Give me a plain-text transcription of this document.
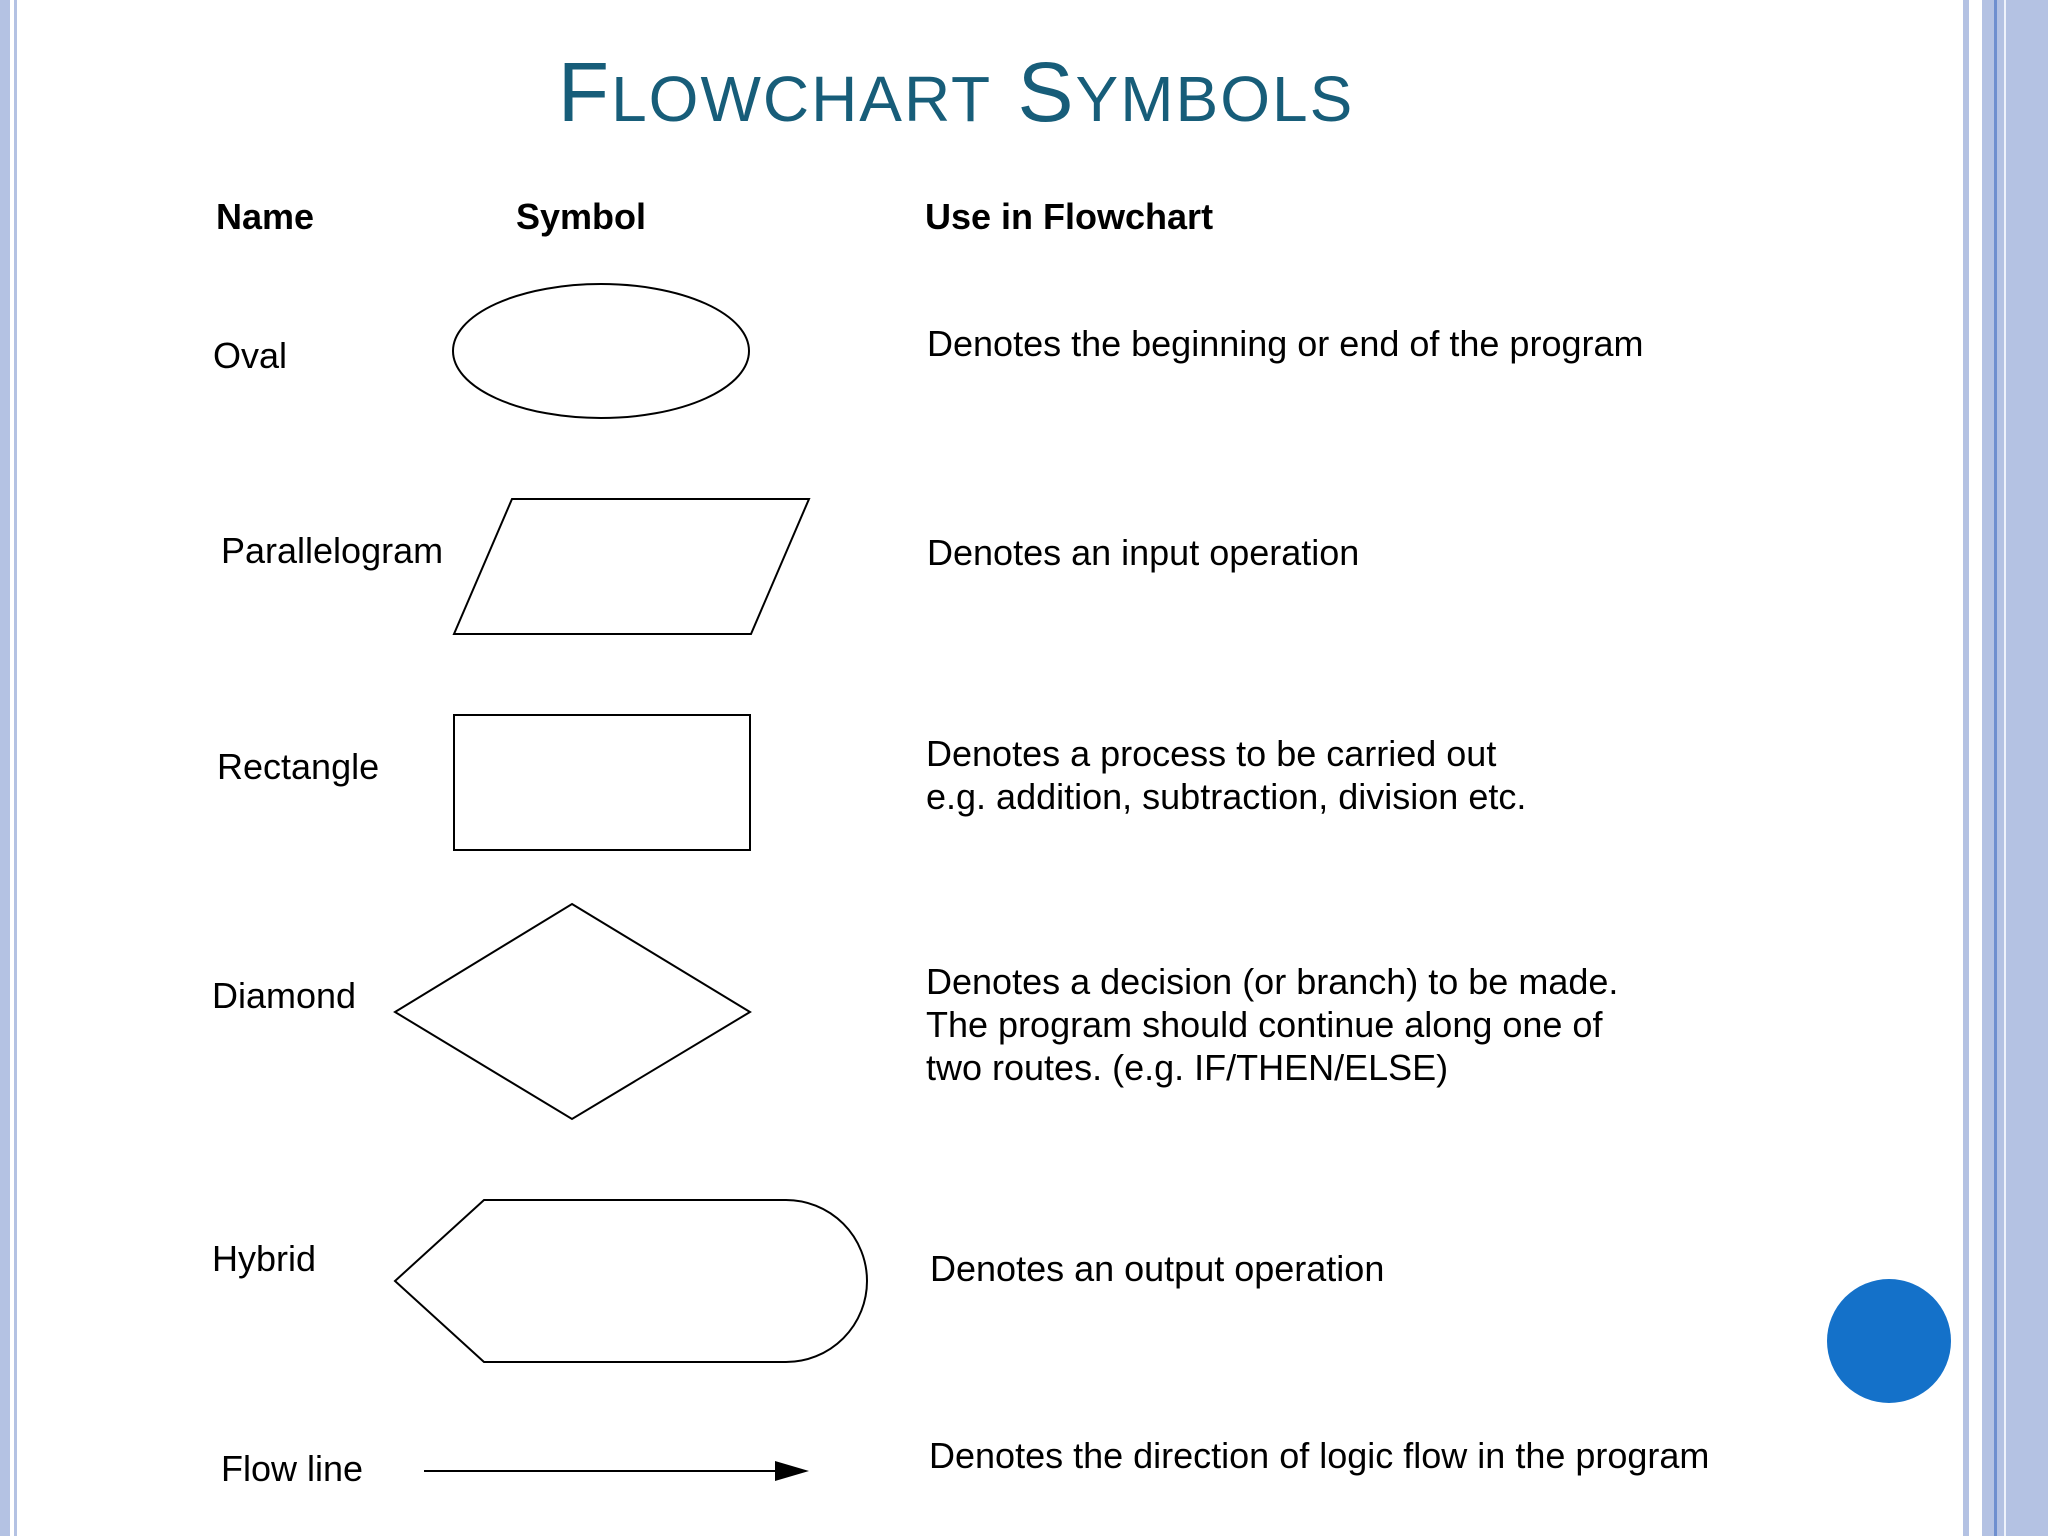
FLOWCHART SYMBOLS
Name	Symbol	Use in Flowchart
Oval
Parallelogram
Rectangle
Diamond
Hybrid
Flow line
Denotes the beginning or end of the program
Denotes an input operation
Denotes a process to be carried out
e.g. addition, subtraction, division etc.
Denotes a decision (or branch) to be made.
The program should continue along one of
two routes. (e.g. IF/THEN/ELSE)
Denotes an output operation
Denotes the direction of logic flow in the program
